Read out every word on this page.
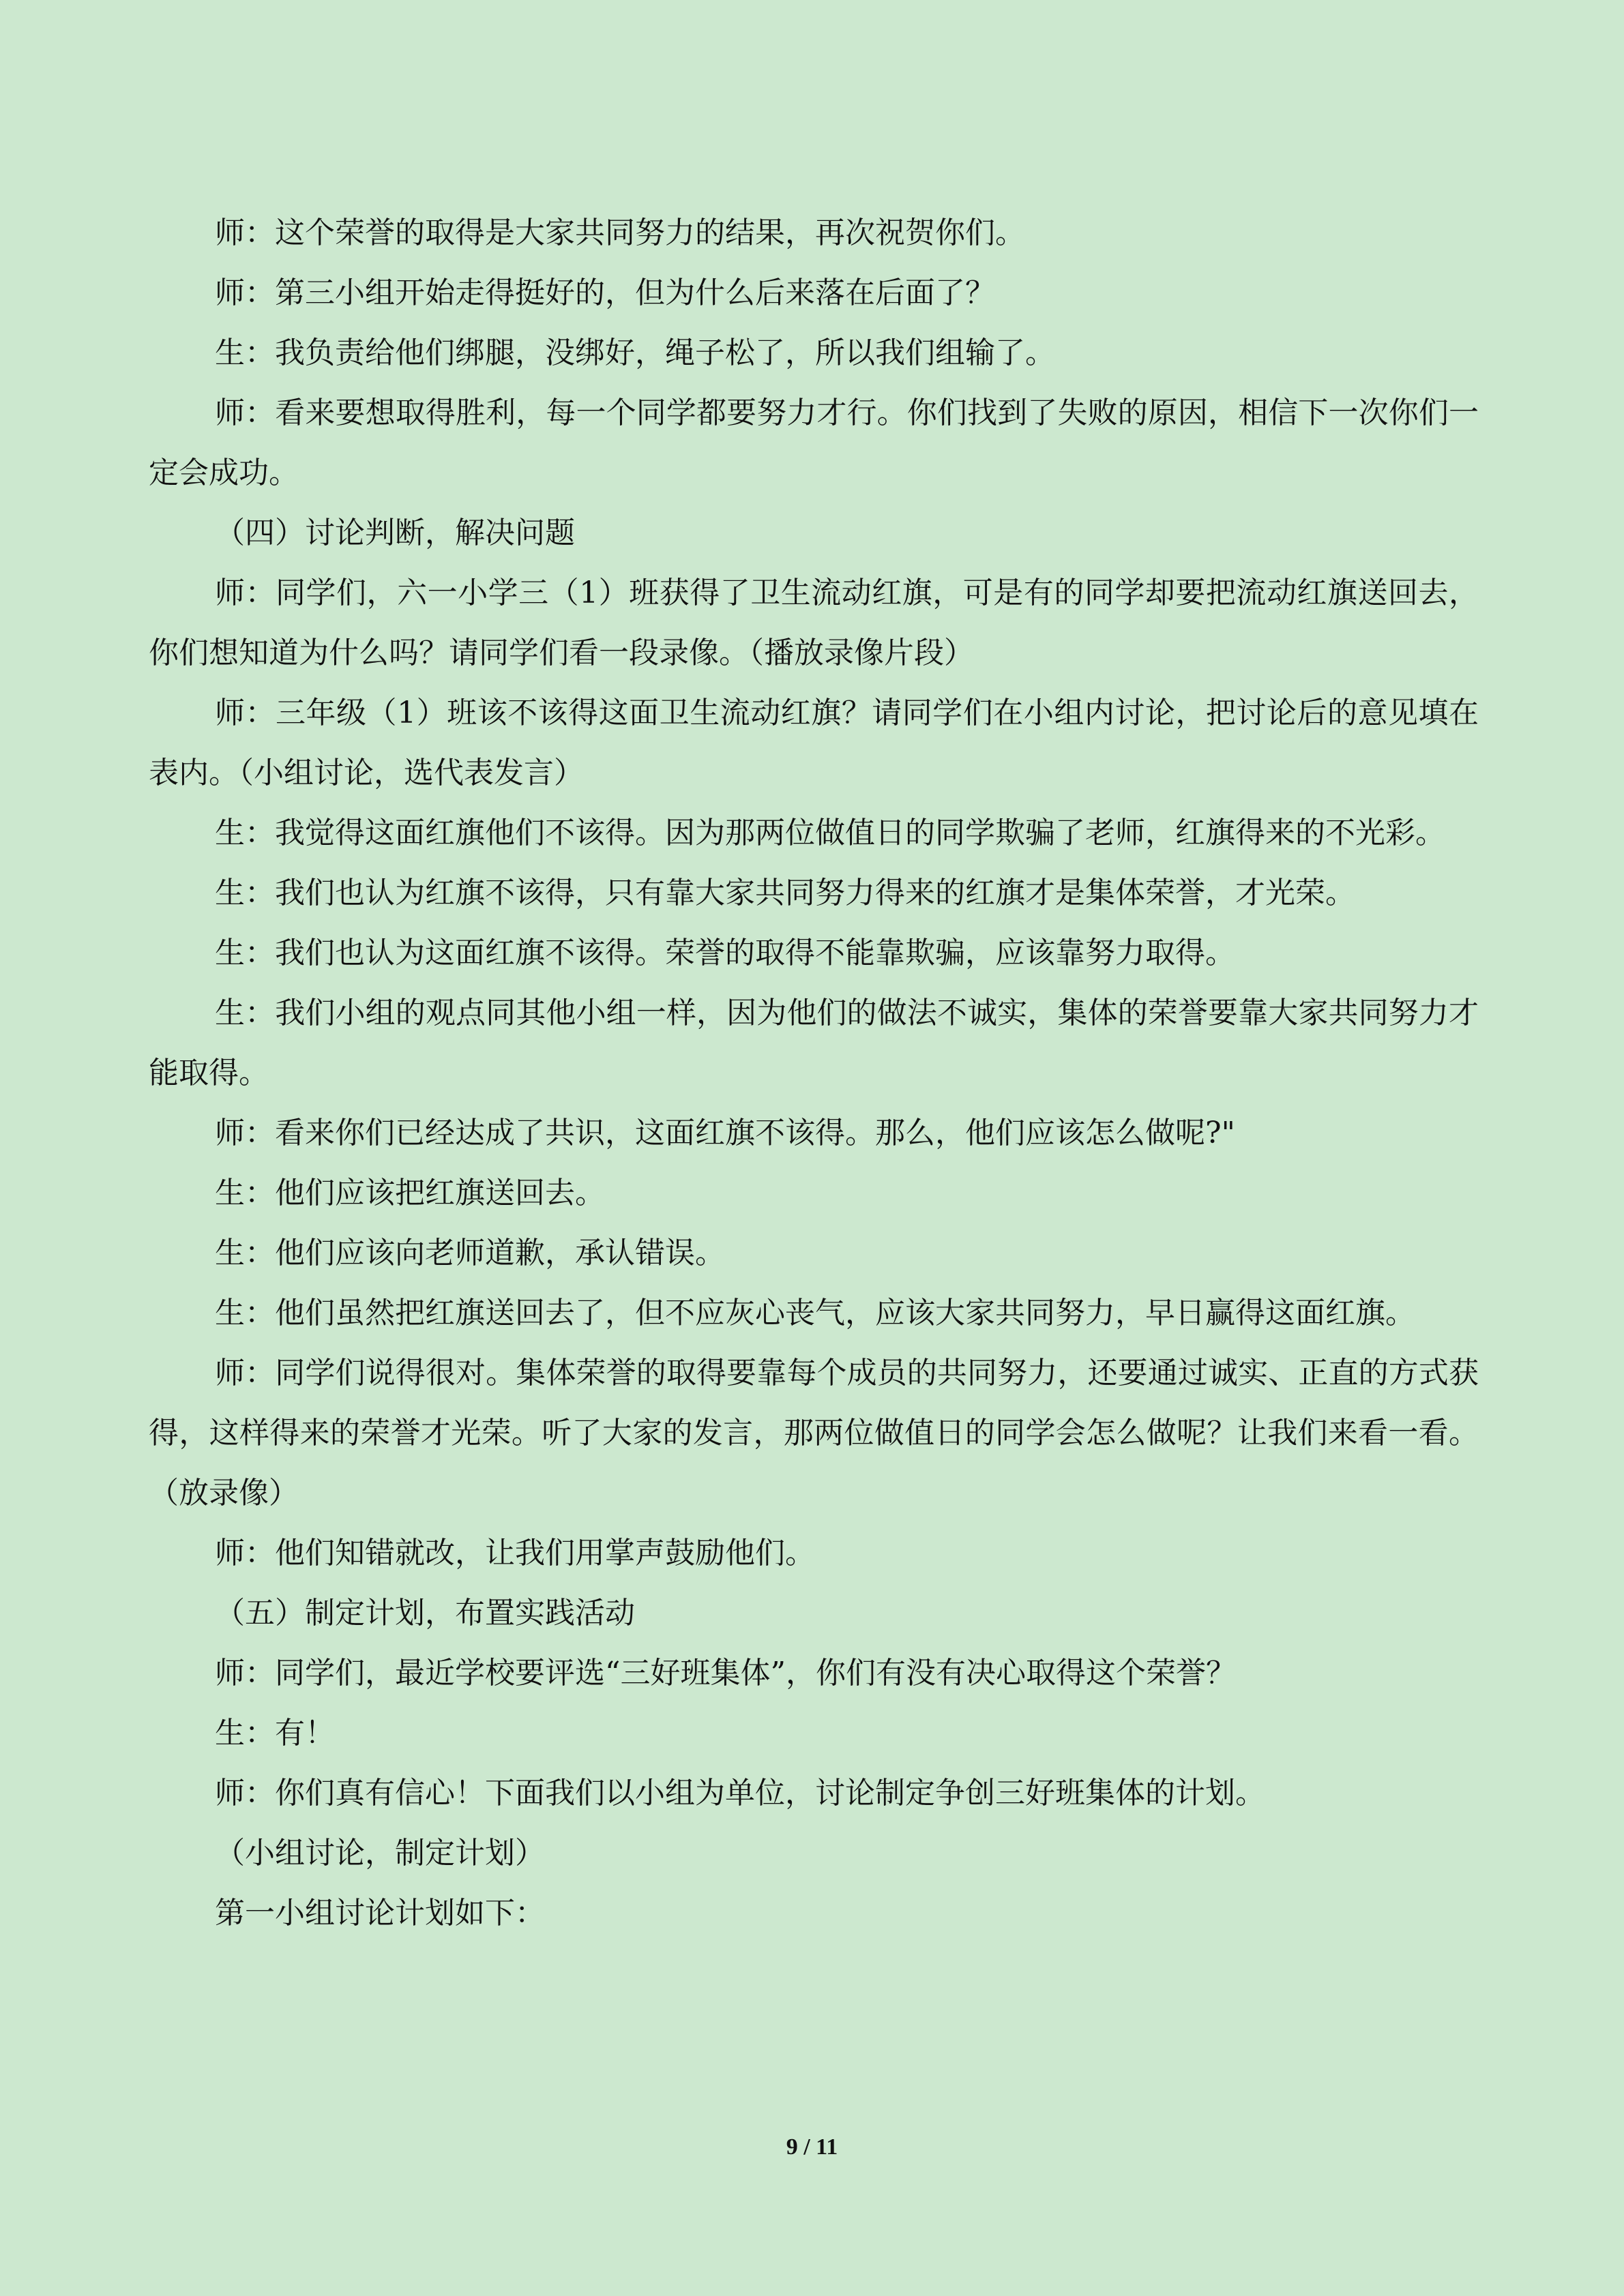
师：这个荣誉的取得是大家共同努力的结果，再次祝贺你们。

师：第三小组开始走得挺好的，但为什么后来落在后面了？

生：我负责给他们绑腿，没绑好，绳子松了，所以我们组输了。

师：看来要想取得胜利，每一个同学都要努力才行。你们找到了失败的原因，相信下一次你们一定会成功。

（四）讨论判断，解决问题

师：同学们，六一小学三（1）班获得了卫生流动红旗，可是有的同学却要把流动红旗送回去，你们想知道为什么吗？请同学们看一段录像。（播放录像片段）

师：三年级（1）班该不该得这面卫生流动红旗？请同学们在小组内讨论，把讨论后的意见填在表内。（小组讨论，选代表发言）

生：我觉得这面红旗他们不该得。因为那两位做值日的同学欺骗了老师，红旗得来的不光彩。

生：我们也认为红旗不该得，只有靠大家共同努力得来的红旗才是集体荣誉，才光荣。

生：我们也认为这面红旗不该得。荣誉的取得不能靠欺骗，应该靠努力取得。

生：我们小组的观点同其他小组一样，因为他们的做法不诚实，集体的荣誉要靠大家共同努力才能取得。

师：看来你们已经达成了共识，这面红旗不该得。那么，他们应该怎么做呢?"

生：他们应该把红旗送回去。

生：他们应该向老师道歉，承认错误。

生：他们虽然把红旗送回去了，但不应灰心丧气，应该大家共同努力，早日赢得这面红旗。

师：同学们说得很对。集体荣誉的取得要靠每个成员的共同努力，还要通过诚实、正直的方式获得，这样得来的荣誉才光荣。听了大家的发言，那两位做值日的同学会怎么做呢？让我们来看一看。（放录像）

师：他们知错就改，让我们用掌声鼓励他们。

（五）制定计划，布置实践活动

师：同学们，最近学校要评选“三好班集体”，你们有没有决心取得这个荣誉？

生：有！

师：你们真有信心！下面我们以小组为单位，讨论制定争创三好班集体的计划。

（小组讨论，制定计划）

第一小组讨论计划如下：

9 / 11
